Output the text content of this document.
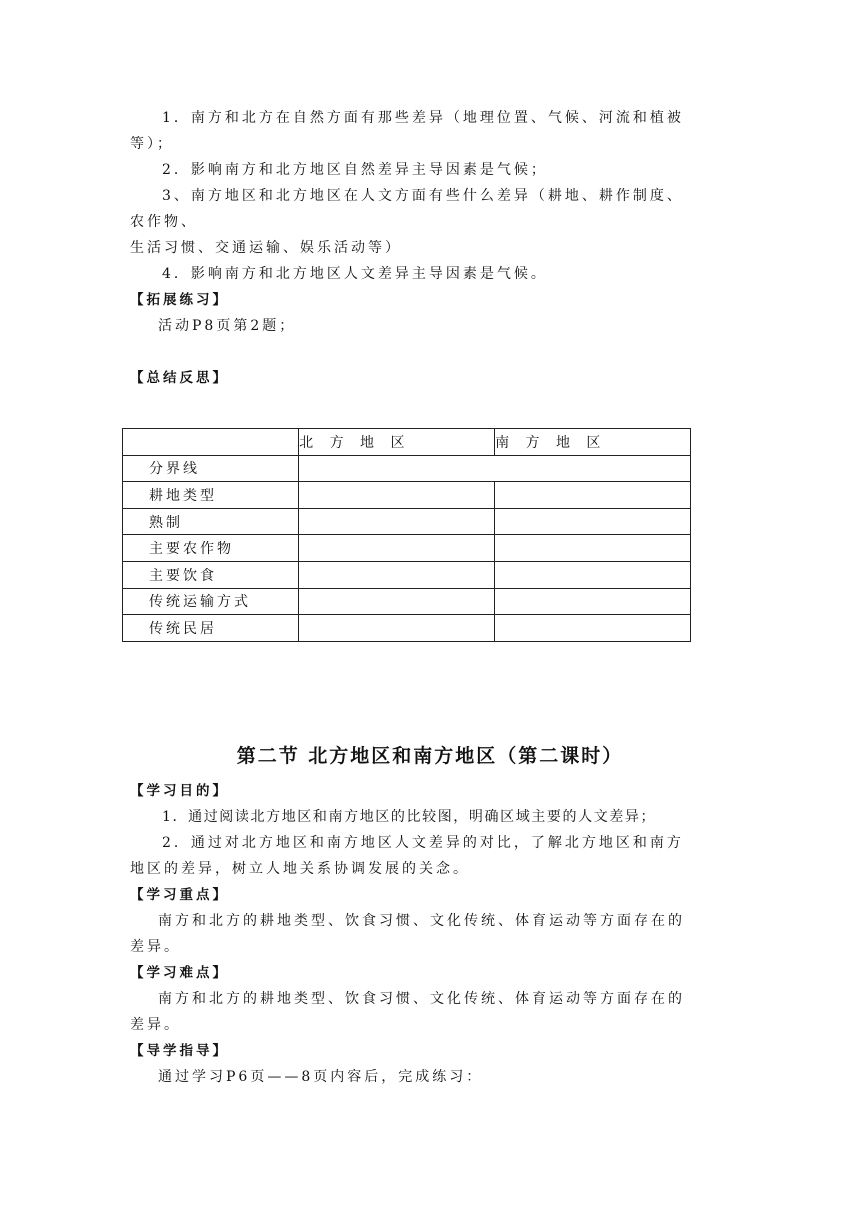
1．南方和北方在自然方面有那些差异（地理位置、气候、河流和植被
等）；
2．影响南方和北方地区自然差异主导因素是气候；
3、南方地区和北方地区在人文方面有些什么差异（耕地、耕作制度、
农作物、
生活习惯、交通运输、娱乐活动等）
4．影响南方和北方地区人文差异主导因素是气候。
【拓展练习】
活动P8页第2题；
【总结反思】
	北 方 地 区	南 方 地 区
分界线		
耕地类型		
熟制		
主要农作物		
主要饮食		
传统运输方式		
传统民居		
第二节 北方地区和南方地区（第二课时）
【学习目的】
1．通过阅读北方地区和南方地区的比较图，明确区域主要的人文差异；
2．通过对北方地区和南方地区人文差异的对比，了解北方地区和南方
地区的差异，树立人地关系协调发展的关念。
【学习重点】
南方和北方的耕地类型、饮食习惯、文化传统、体育运动等方面存在的
差异。
【学习难点】
南方和北方的耕地类型、饮食习惯、文化传统、体育运动等方面存在的
差异。
【导学指导】
通过学习P6页——8页内容后，完成练习：
